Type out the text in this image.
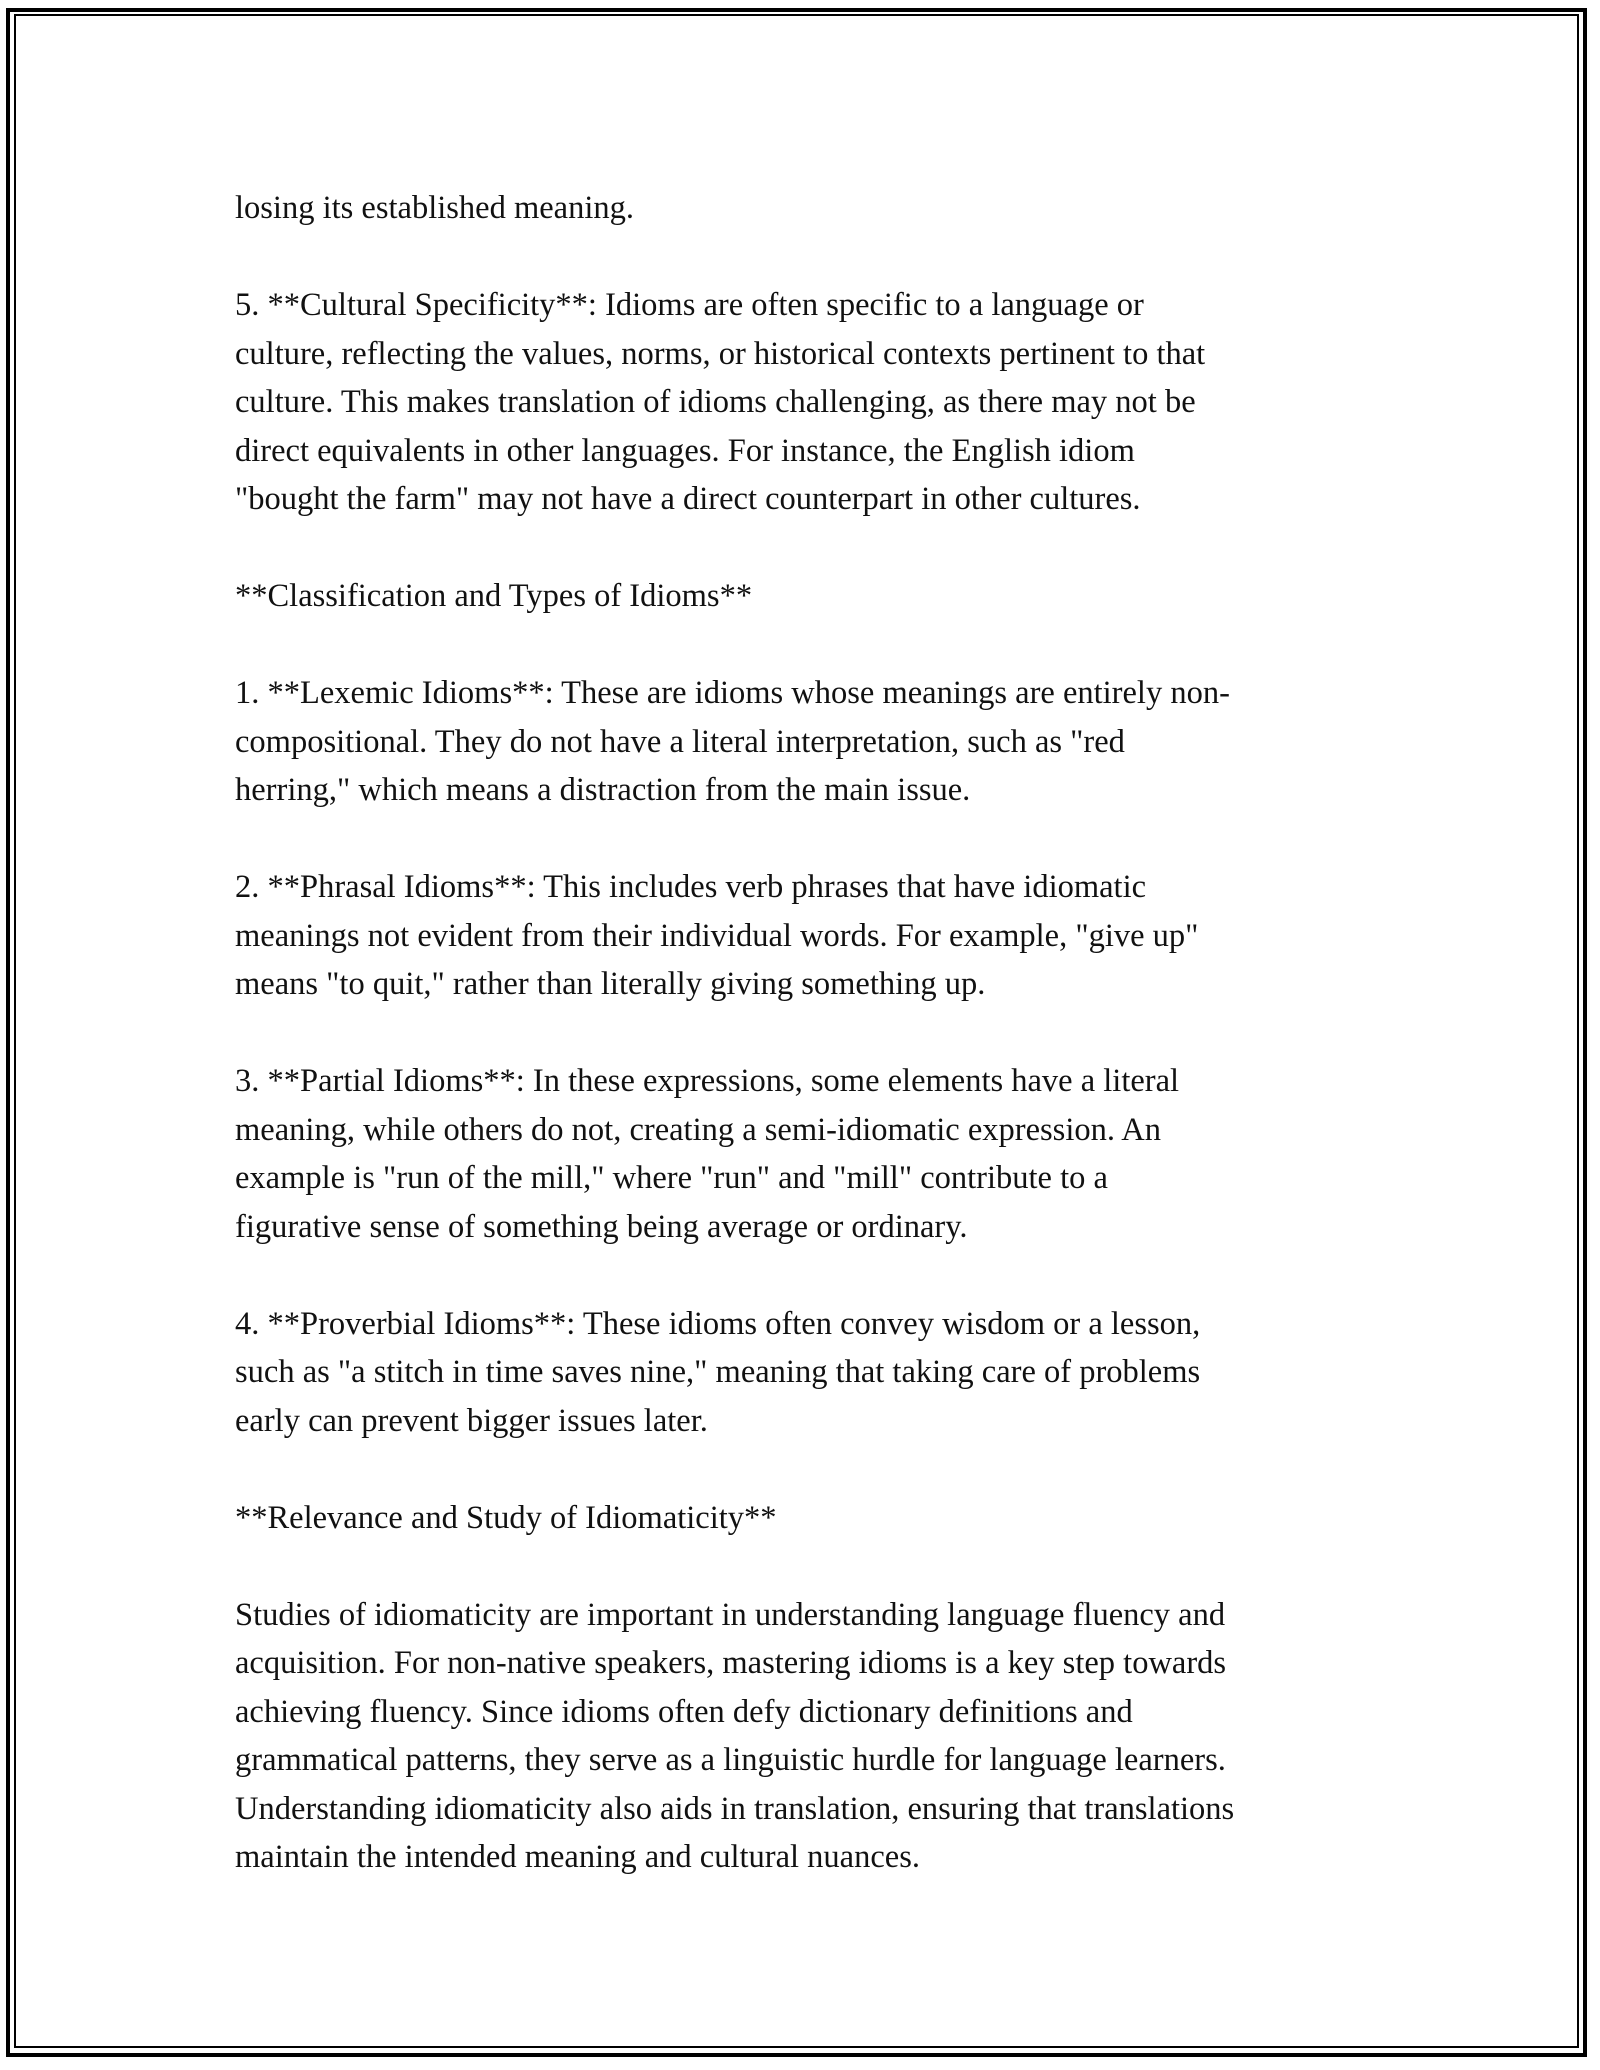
losing its established meaning.

5. **Cultural Specificity**: Idioms are often specific to a language or
culture, reflecting the values, norms, or historical contexts pertinent to that
culture. This makes translation of idioms challenging, as there may not be
direct equivalents in other languages. For instance, the English idiom
"bought the farm" may not have a direct counterpart in other cultures.

**Classification and Types of Idioms**

1. **Lexemic Idioms**: These are idioms whose meanings are entirely non-
compositional. They do not have a literal interpretation, such as "red
herring," which means a distraction from the main issue.

2. **Phrasal Idioms**: This includes verb phrases that have idiomatic
meanings not evident from their individual words. For example, "give up"
means "to quit," rather than literally giving something up.

3. **Partial Idioms**: In these expressions, some elements have a literal
meaning, while others do not, creating a semi-idiomatic expression. An
example is "run of the mill," where "run" and "mill" contribute to a
figurative sense of something being average or ordinary.

4. **Proverbial Idioms**: These idioms often convey wisdom or a lesson,
such as "a stitch in time saves nine," meaning that taking care of problems
early can prevent bigger issues later.

**Relevance and Study of Idiomaticity**

Studies of idiomaticity are important in understanding language fluency and
acquisition. For non-native speakers, mastering idioms is a key step towards
achieving fluency. Since idioms often defy dictionary definitions and
grammatical patterns, they serve as a linguistic hurdle for language learners.
Understanding idiomaticity also aids in translation, ensuring that translations
maintain the intended meaning and cultural nuances.
